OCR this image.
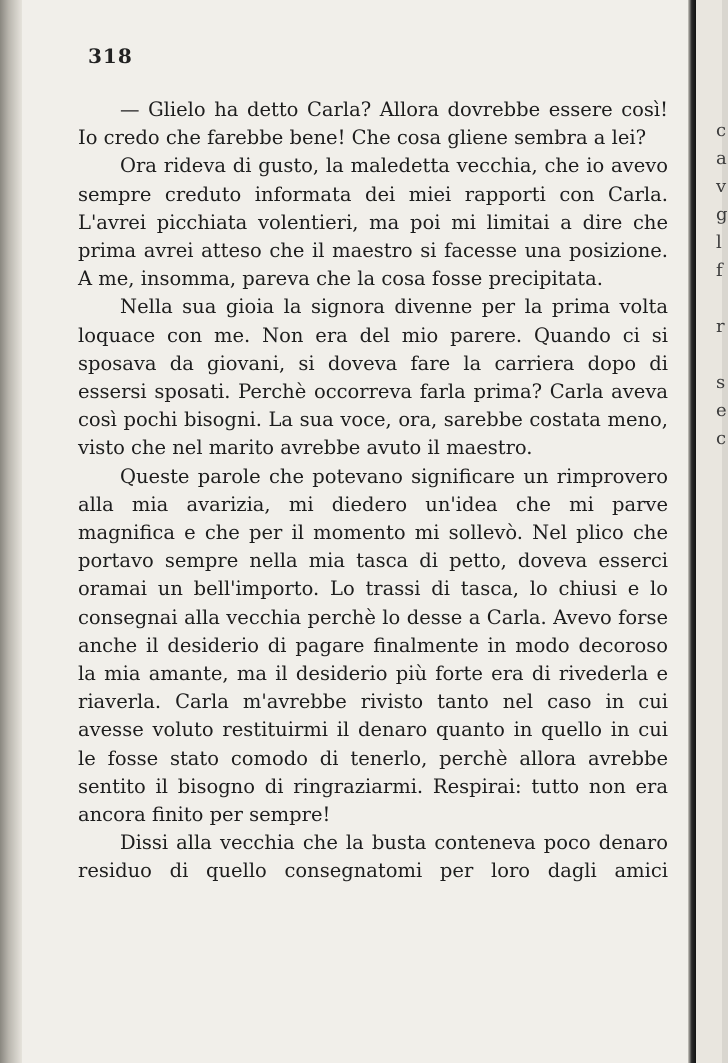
318

— Glielo ha detto Carla? Allora dovrebbe essere così! Io credo che farebbe bene! Che cosa gliene sembra a lei?

Ora rideva di gusto, la maledetta vecchia, che io avevo sempre creduto informata dei miei rapporti con Carla. L'avrei picchiata volentieri, ma poi mi limitai a dire che prima avrei atteso che il maestro si facesse una posizione. A me, insomma, pareva che la cosa fosse precipitata.

Nella sua gioia la signora divenne per la prima volta loquace con me. Non era del mio parere. Quando ci si sposava da giovani, si doveva fare la carriera dopo di essersi sposati. Perchè occorreva farla prima? Carla aveva così pochi bisogni. La sua voce, ora, sarebbe costata meno, visto che nel marito avrebbe avuto il maestro.

Queste parole che potevano significare un rimprovero alla mia avarizia, mi diedero un'idea che mi parve magnifica e che per il momento mi sollevò. Nel plico che portavo sempre nella mia tasca di petto, doveva esserci oramai un bell'importo. Lo trassi di tasca, lo chiusi e lo consegnai alla vecchia perchè lo desse a Carla. Avevo forse anche il desiderio di pagare finalmente in modo decoroso la mia amante, ma il desiderio più forte era di rivederla e riaverla. Carla m'avrebbe rivisto tanto nel caso in cui avesse voluto restituirmi il denaro quanto in quello in cui le fosse stato comodo di tenerlo, perchè allora avrebbe sentito il bisogno di ringraziarmi. Respirai: tutto non era ancora finito per sempre!

Dissi alla vecchia che la busta conteneva poco denaro residuo di quello consegnatomi per loro dagli amici

c
a
v
g
l
f
r
s
e
c
